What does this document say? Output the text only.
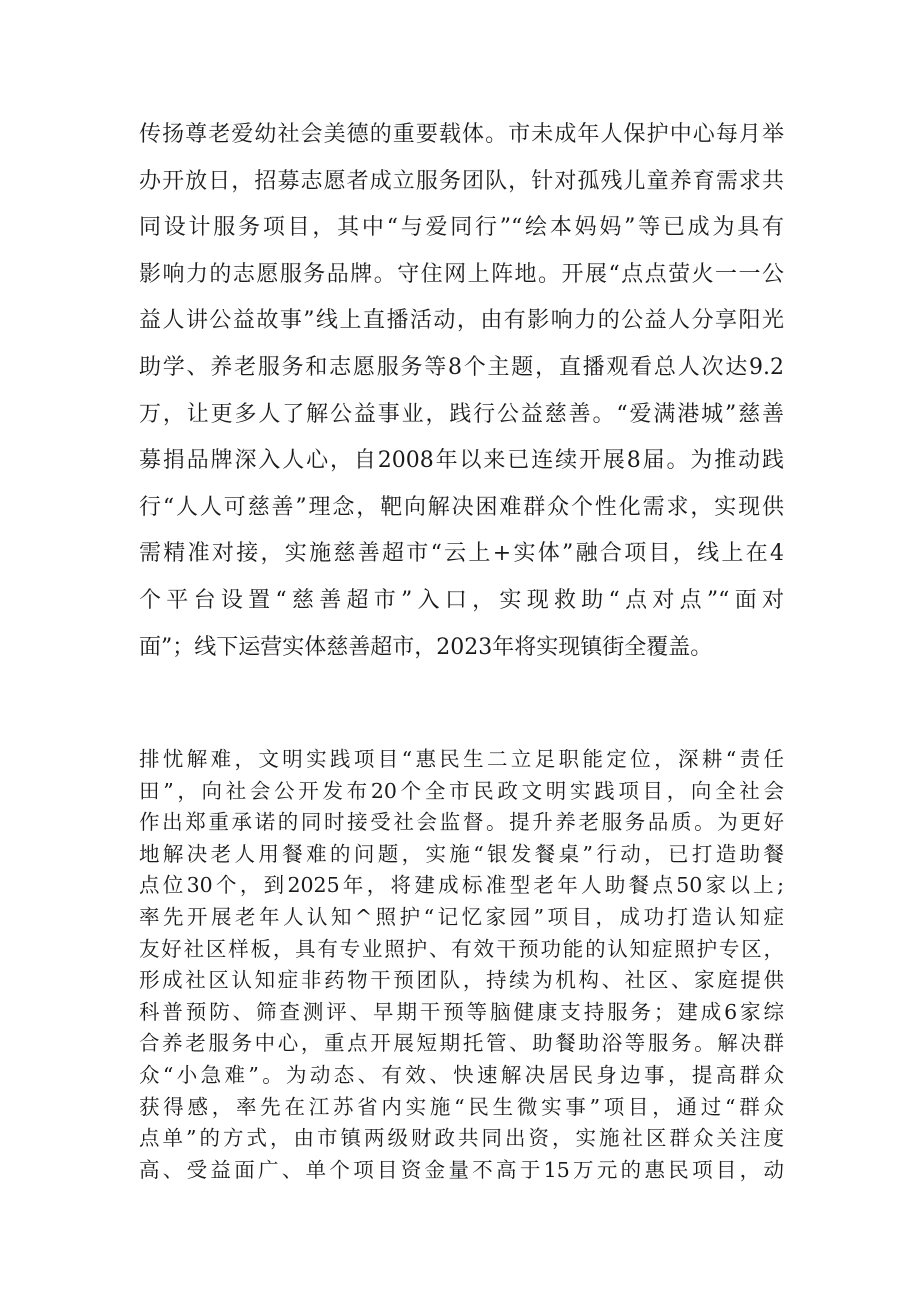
传扬尊老爱幼社会美德的重要载体。市未成年人保护中心每月举
办开放日，招募志愿者成立服务团队，针对孤残儿童养育需求共
同设计服务项目，其中“与爱同行”“绘本妈妈”等已成为具有
影响力的志愿服务品牌。守住网上阵地。开展“点点萤火一一公
益人讲公益故事”线上直播活动，由有影响力的公益人分享阳光
助学、养老服务和志愿服务等8个主题，直播观看总人次达9.2
万，让更多人了解公益事业，践行公益慈善。“爱满港城”慈善
募捐品牌深入人心，自2008年以来已连续开展8届。为推动践
行“人人可慈善”理念，靶向解决困难群众个性化需求，实现供
需精准对接，实施慈善超市“云上+实体”融合项目，线上在4
个平台设置“慈善超市”入口，实现救助“点对点”“面对
面”；线下运营实体慈善超市，2023年将实现镇街全覆盖。

排忧解难，文明实践项目“惠民生二立足职能定位，深耕“责任
田”，向社会公开发布20个全市民政文明实践项目，向全社会
作出郑重承诺的同时接受社会监督。提升养老服务品质。为更好
地解决老人用餐难的问题，实施“银发餐桌”行动，已打造助餐
点位30个，到2025年，将建成标准型老年人助餐点50家以上;
率先开展老年人认知^照护“记忆家园”项目，成功打造认知症
友好社区样板，具有专业照护、有效干预功能的认知症照护专区，
形成社区认知症非药物干预团队，持续为机构、社区、家庭提供
科普预防、筛查测评、早期干预等脑健康支持服务；建成6家综
合养老服务中心，重点开展短期托管、助餐助浴等服务。解决群
众“小急难”。为动态、有效、快速解决居民身边事，提高群众
获得感，率先在江苏省内实施“民生微实事”项目，通过“群众
点单”的方式，由市镇两级财政共同出资，实施社区群众关注度
高、受益面广、单个项目资金量不高于15万元的惠民项目，动
